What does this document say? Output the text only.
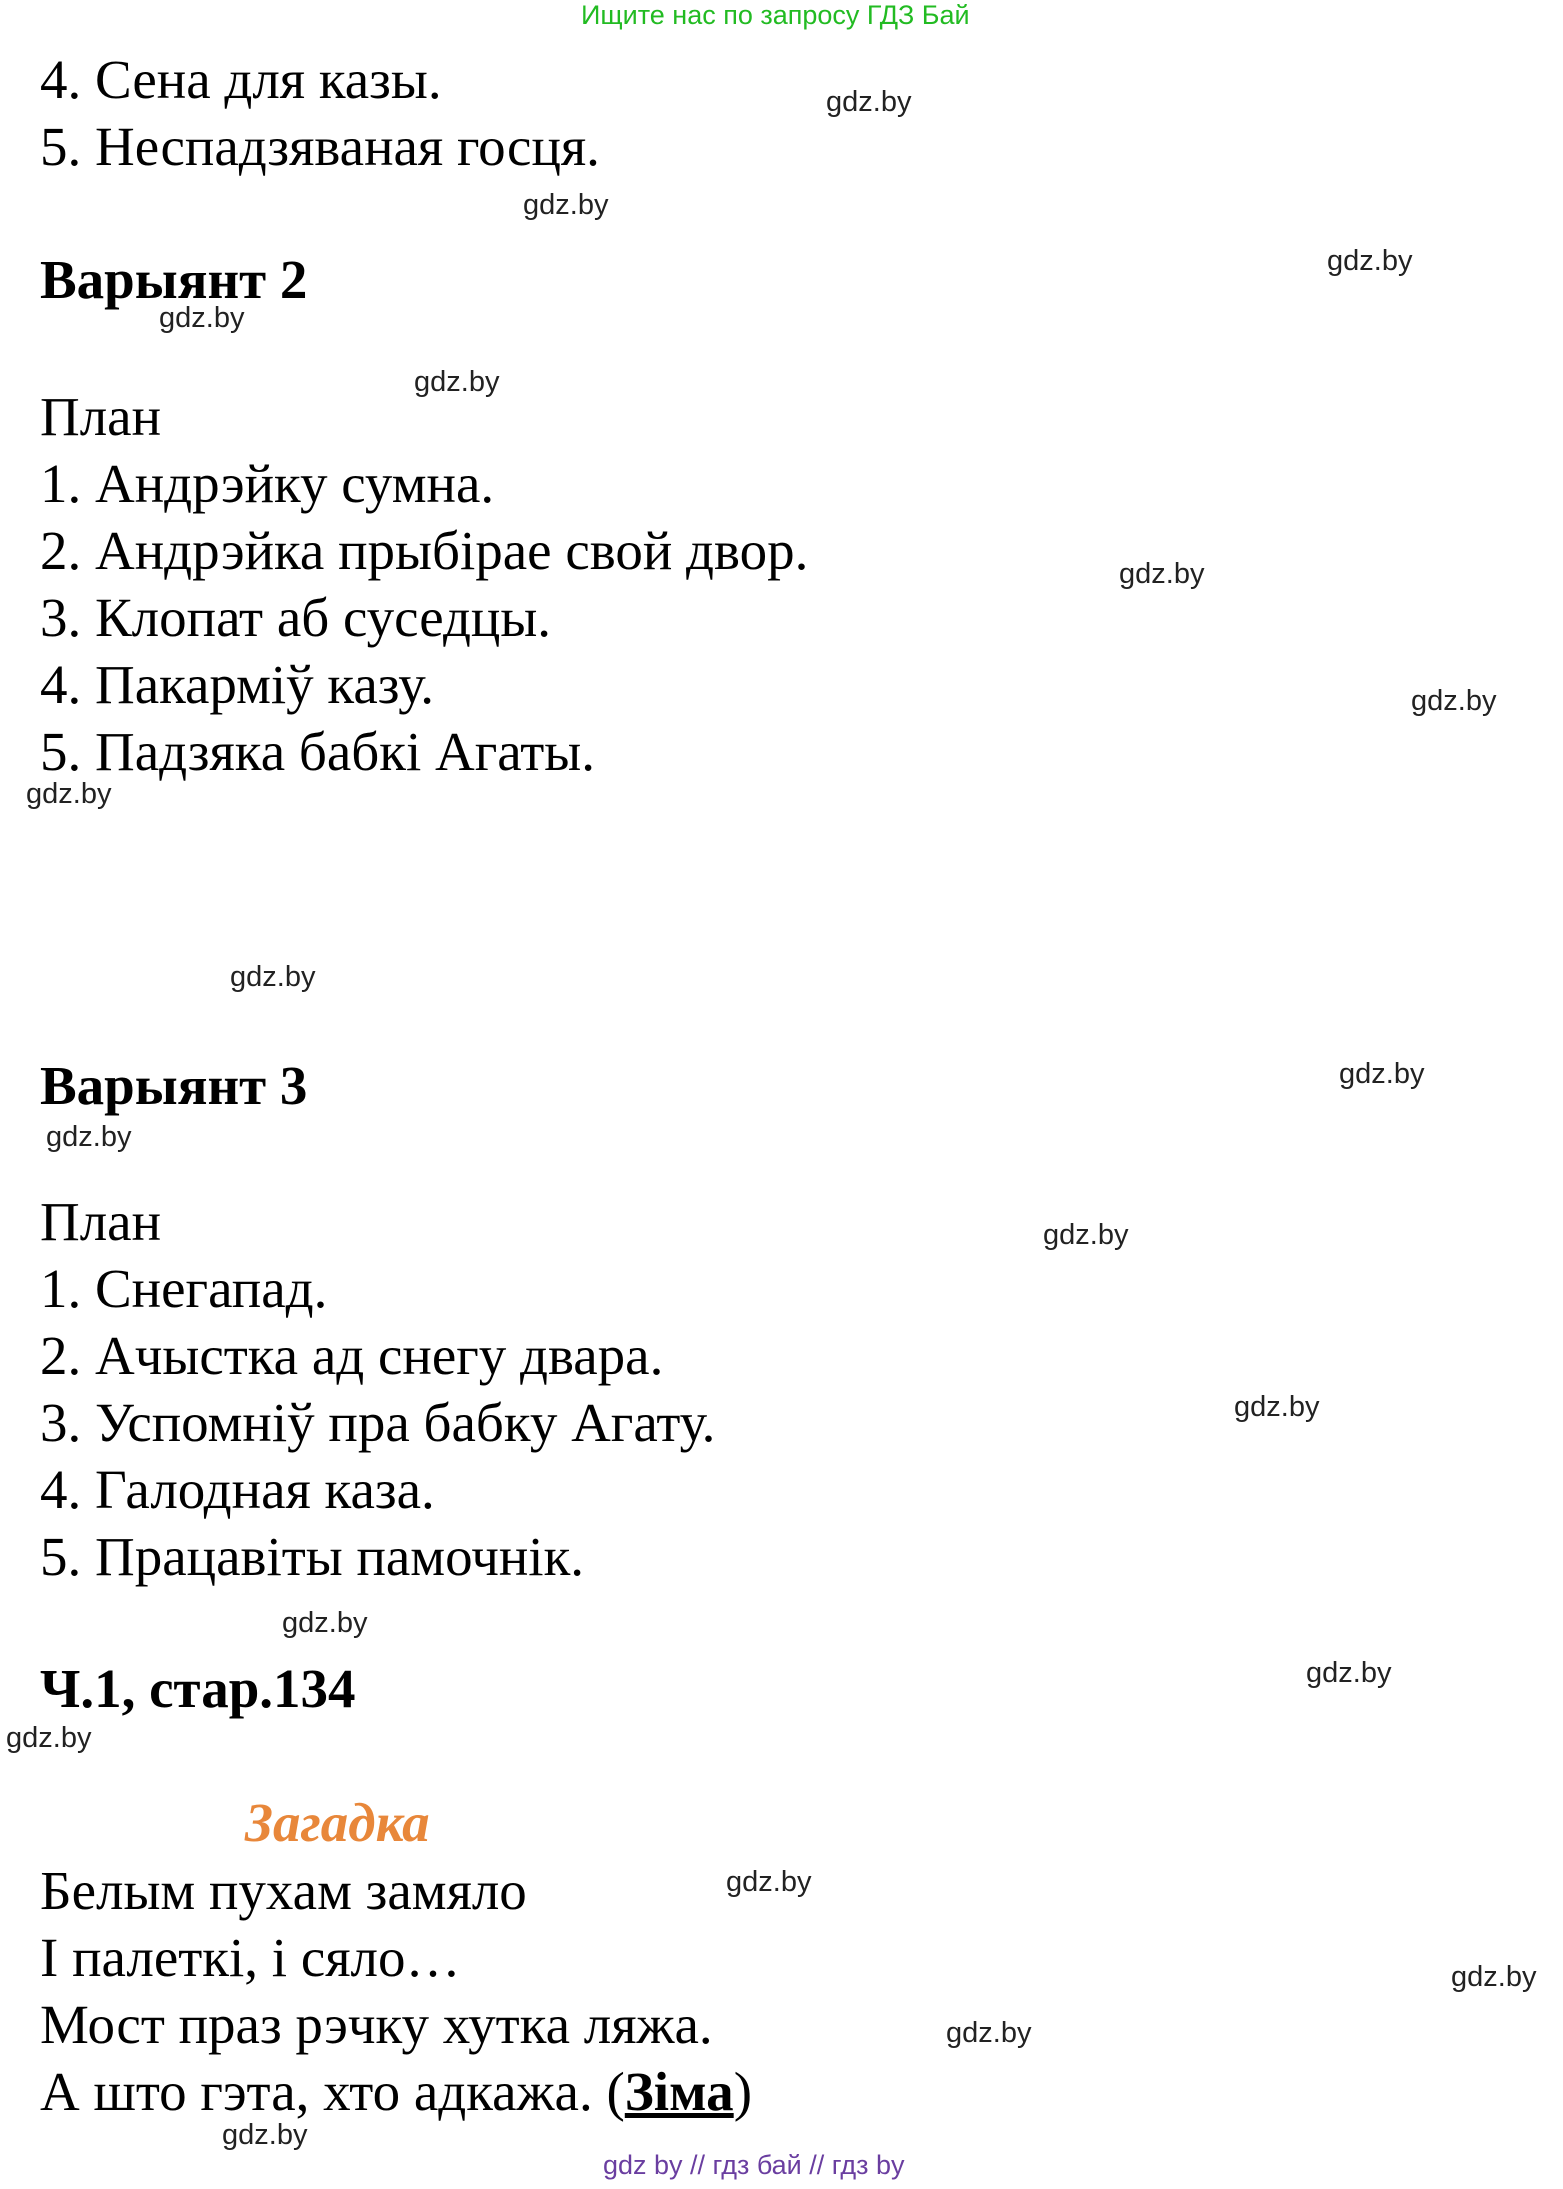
Ищите нас по запросу ГДЗ Бай
4. Сена для казы.
5. Неспадзяваная госця.
Варыянт 2
План
1. Андрэйку сумна.
2. Андрэйка прыбірае свой двор.
3. Клопат аб суседцы.
4. Пакарміў казу.
5. Падзяка бабкі Агаты.
Варыянт 3
План
1. Снегапад.
2. Ачыстка ад снегу двара.
3. Успомніў пра бабку Агату.
4. Галодная каза.
5. Працавіты памочнік.
Ч.1, стар.134
Загадка
Белым пухам замяло
І палеткі, і сяло…
Мост праз рэчку хутка ляжа.
А што гэта, хто адкажа. (Зіма)
gdz.by
gdz.by
gdz.by
gdz.by
gdz.by
gdz.by
gdz.by
gdz.by
gdz.by
gdz.by
gdz.by
gdz.by
gdz.by
gdz.by
gdz.by
gdz.by
gdz.by
gdz.by
gdz.by
gdz.by
gdz by // гдз бай // гдз by
